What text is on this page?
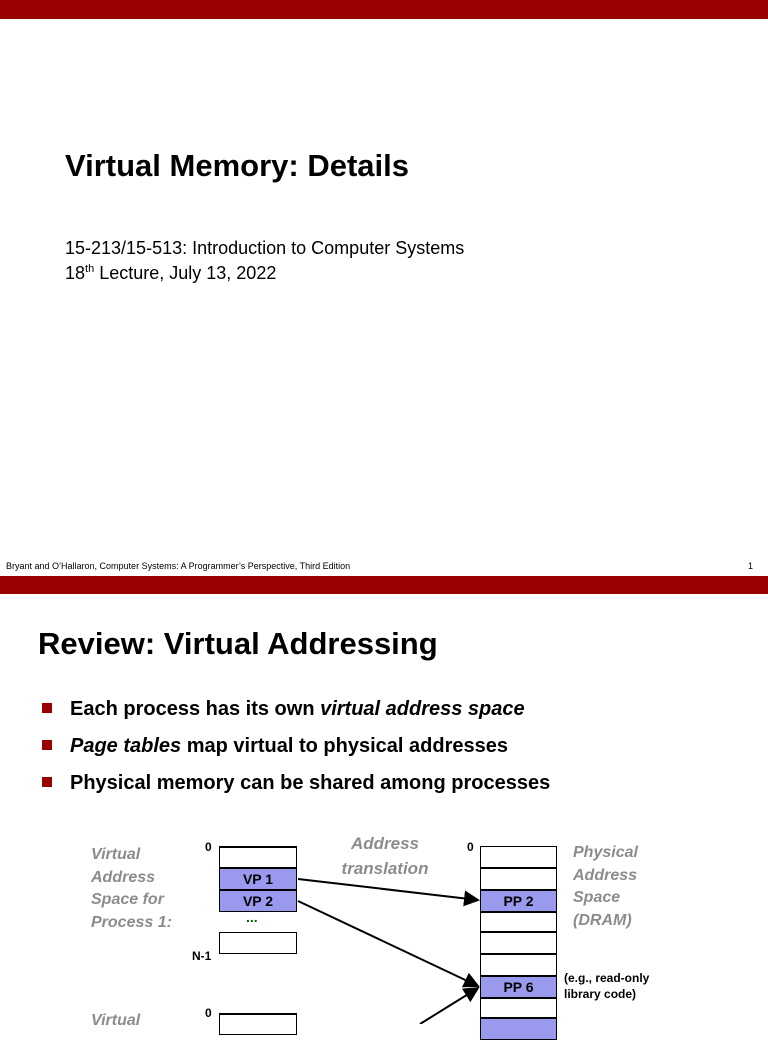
Virtual Memory: Details
15-213/15-513: Introduction to Computer Systems
18th Lecture, July 13, 2022
Bryant and O’Hallaron, Computer Systems: A Programmer’s Perspective, Third Edition	1
Review: Virtual Addressing
Each process has its own virtual address space
Page tables map virtual to physical addresses
Physical memory can be shared among processes
Virtual
Address
Space for
Process 1:
Virtual
Address
translation
Physical
Address
Space
(DRAM)
0
VP 1
VP 2
...
N-1
0
0
PP 2
PP 6
(e.g., read-only
library code)
